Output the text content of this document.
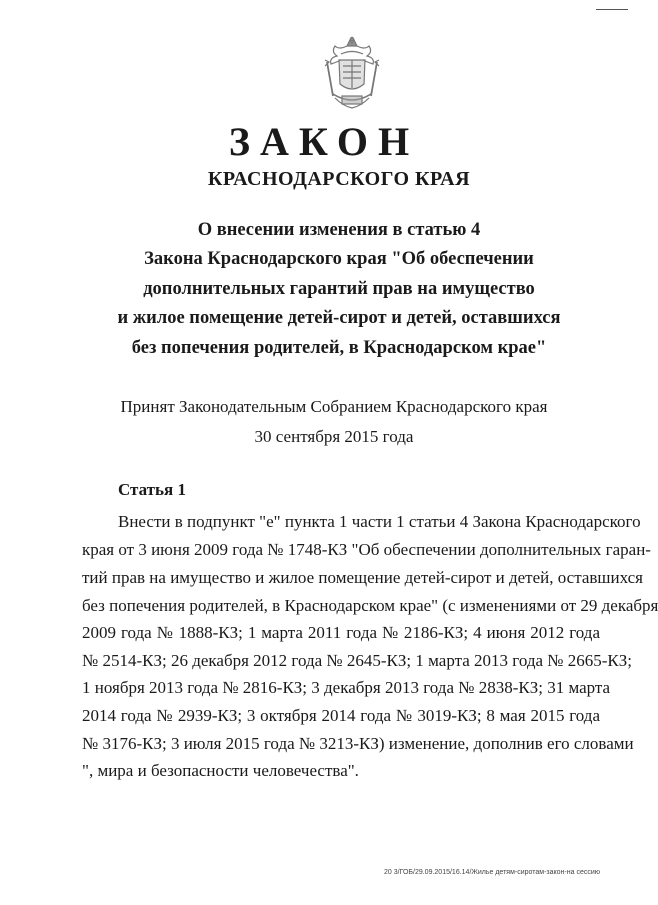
ЗАКОН
КРАСНОДАРСКОГО КРАЯ
О внесении изменения в статью 4
Закона Краснодарского края "Об обеспечении
дополнительных гарантий прав на имущество
и жилое помещение детей-сирот и детей, оставшихся
без попечения родителей, в Краснодарском крае"
Принят Законодательным Собранием Краснодарского края
30 сентября 2015 года
Статья 1
Внести в подпункт "е" пункта 1 части 1 статьи 4 Закона Краснодарского
края от 3 июня 2009 года № 1748-КЗ "Об обеспечении дополнительных гаран-
тий прав на имущество и жилое помещение детей-сирот и детей, оставшихся
без попечения родителей, в Краснодарском крае" (с изменениями от 29 декабря
2009 года № 1888-КЗ; 1 марта 2011 года № 2186-КЗ; 4 июня 2012 года
№ 2514-КЗ; 26 декабря 2012 года № 2645-КЗ; 1 марта 2013 года № 2665-КЗ;
1 ноября 2013 года № 2816-КЗ; 3 декабря 2013 года № 2838-КЗ; 31 марта
2014 года № 2939-КЗ; 3 октября 2014 года № 3019-КЗ; 8 мая 2015 года
№ 3176-КЗ; 3 июля 2015 года № 3213-КЗ) изменение, дополнив его словами
", мира и безопасности человечества".
20 3/ГОБ/29.09.2015/16.14/Жилье детям-сиротам-закон-на сессию
